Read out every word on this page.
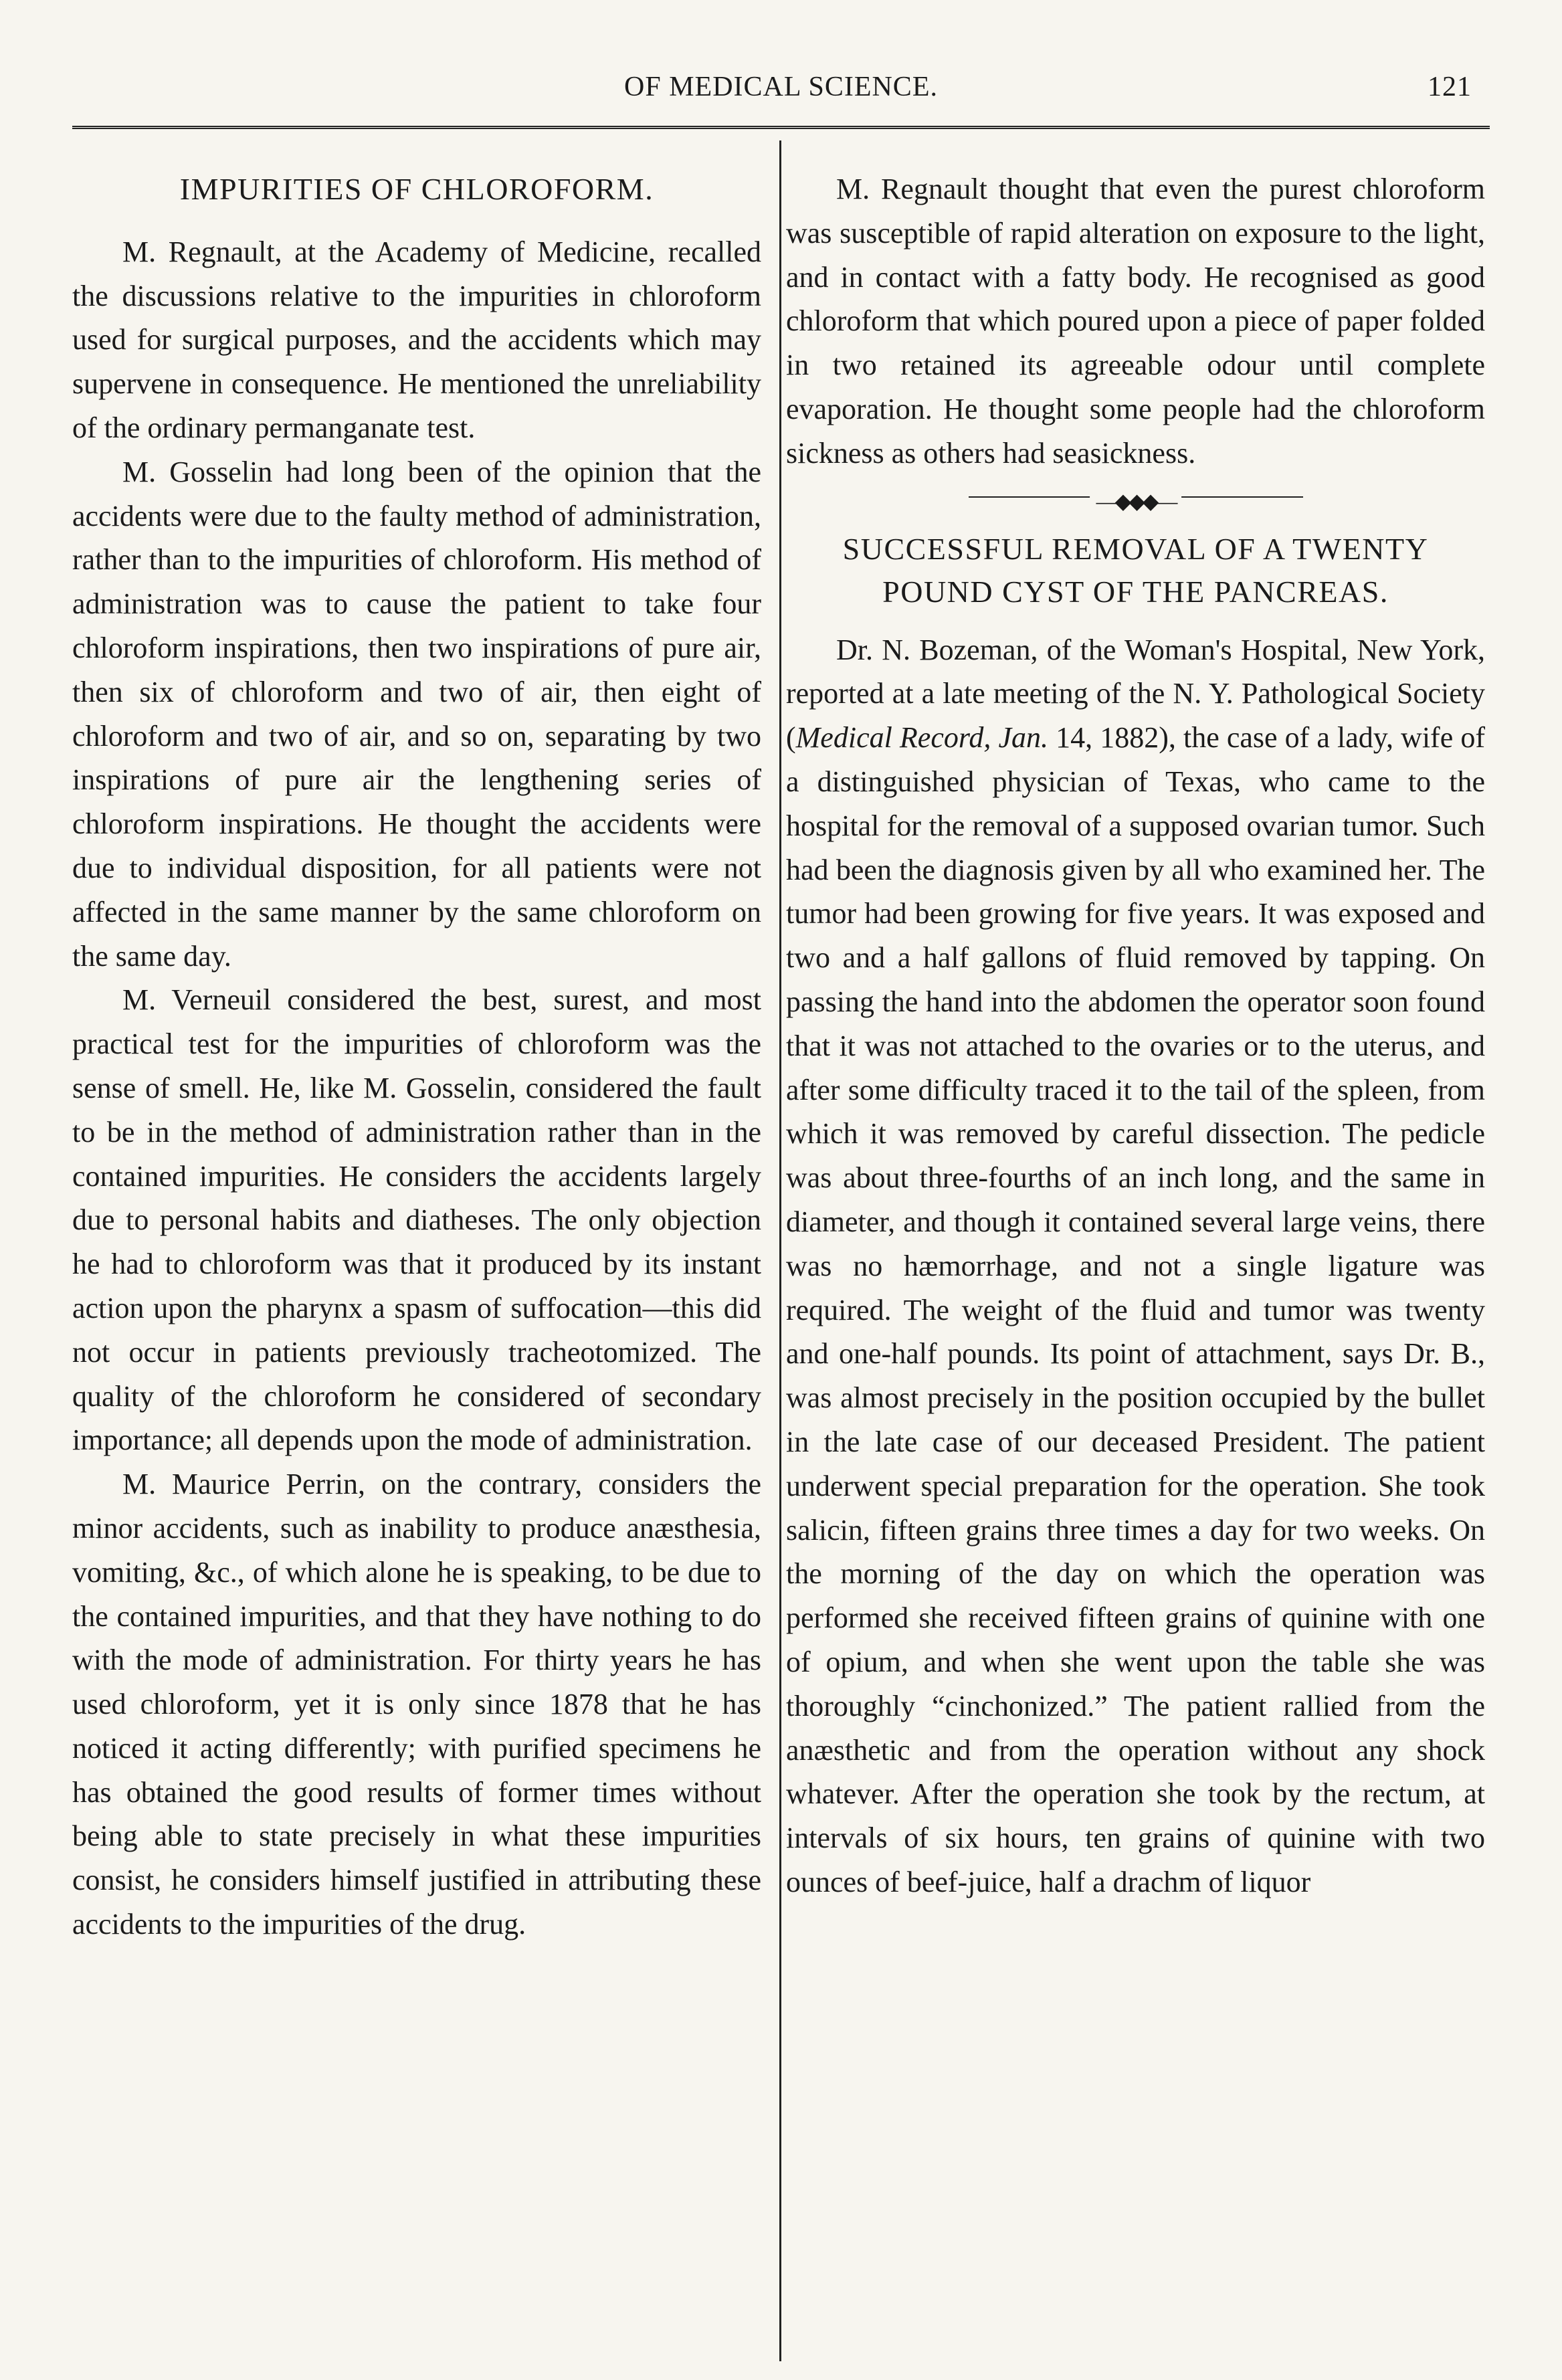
OF MEDICAL SCIENCE.	121
IMPURITIES OF CHLOROFORM.

M. Regnault, at the Academy of Medicine, recalled the discussions relative to the impurities in chloroform used for surgical purposes, and the accidents which may supervene in consequence. He mentioned the unreliability of the ordinary permanganate test.

M. Gosselin had long been of the opinion that the accidents were due to the faulty method of administration, rather than to the impurities of chloroform. His method of administration was to cause the patient to take four chloroform inspirations, then two inspirations of pure air, then six of chloroform and two of air, then eight of chloroform and two of air, and so on, separating by two inspirations of pure air the lengthening series of chloroform inspirations. He thought the accidents were due to individual disposition, for all patients were not affected in the same manner by the same chloroform on the same day.

M. Verneuil considered the best, surest, and most practical test for the impurities of chloroform was the sense of smell. He, like M. Gosselin, considered the fault to be in the method of administration rather than in the contained impurities. He considers the accidents largely due to personal habits and diatheses. The only objection he had to chloroform was that it produced by its instant action upon the pharynx a spasm of suffocation—this did not occur in patients previously tracheotomized. The quality of the chloroform he considered of secondary importance; all depends upon the mode of administration.

M. Maurice Perrin, on the contrary, considers the minor accidents, such as inability to produce anæsthesia, vomiting, &c., of which alone he is speaking, to be due to the contained impurities, and that they have nothing to do with the mode of administration. For thirty years he has used chloroform, yet it is only since 1878 that he has noticed it acting differently; with purified specimens he has obtained the good results of former times without being able to state precisely in what these impurities consist, he considers himself justified in attributing these accidents to the impurities of the drug.

M. Regnault thought that even the purest chloroform was susceptible of rapid alteration on exposure to the light, and in contact with a fatty body. He recognised as good chloroform that which poured upon a piece of paper folded in two retained its agreeable odour until complete evaporation. He thought some people had the chloroform sickness as others had seasickness.

—◆◆◆—
SUCCESSFUL REMOVAL OF A TWENTY POUND CYST OF THE PANCREAS.

Dr. N. Bozeman, of the Woman's Hospital, New York, reported at a late meeting of the N. Y. Pathological Society (Medical Record, Jan. 14, 1882), the case of a lady, wife of a distinguished physician of Texas, who came to the hospital for the removal of a supposed ovarian tumor. Such had been the diagnosis given by all who examined her. The tumor had been growing for five years. It was exposed and two and a half gallons of fluid removed by tapping. On passing the hand into the abdomen the operator soon found that it was not attached to the ovaries or to the uterus, and after some difficulty traced it to the tail of the spleen, from which it was removed by careful dissection. The pedicle was about three-fourths of an inch long, and the same in diameter, and though it contained several large veins, there was no hæmorrhage, and not a single ligature was required. The weight of the fluid and tumor was twenty and one-half pounds. Its point of attachment, says Dr. B., was almost precisely in the position occupied by the bullet in the late case of our deceased President. The patient underwent special preparation for the operation. She took salicin, fifteen grains three times a day for two weeks. On the morning of the day on which the operation was performed she received fifteen grains of quinine with one of opium, and when she went upon the table she was thoroughly “cinchonized.” The patient rallied from the anæsthetic and from the operation without any shock whatever. After the operation she took by the rectum, at intervals of six hours, ten grains of quinine with two ounces of beef-juice, half a drachm of liquor
